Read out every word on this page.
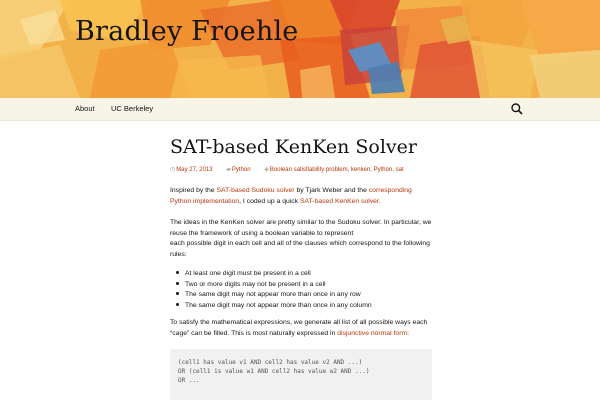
Bradley Froehle
About UC Berkeley
SAT-based KenKen Solver
◷May 27, 2013 ▰Python ◈Boolean satisfiability problem, kenken, Python, sat

Inspired by the SAT-based Sudoku solver by Tjark Weber and the corresponding Python implementation, I coded up a quick SAT-based KenKen solver.

The ideas in the KenKen solver are pretty similar to the Sudoku solver. In particular, we
reuse the framework of using a boolean variable to represent
each possible digit in each cell and all of the clauses which correspond to the following
rules:

At least one digit must be present in a cell
Two or more digits may not be present in a cell
The same digit may not appear more than once in any row
The same digit may not appear more than once in any column

To satisfy the mathematical expressions, we generate all list of all possible ways each
“cage” can be filled. This is most naturally expressed in disjunctive normal form:

(cell1 has value v1 AND cell2 has value v2 AND ...)
OR (cell1 is value w1 AND cell2 has value w2 AND ...)
OR ...
